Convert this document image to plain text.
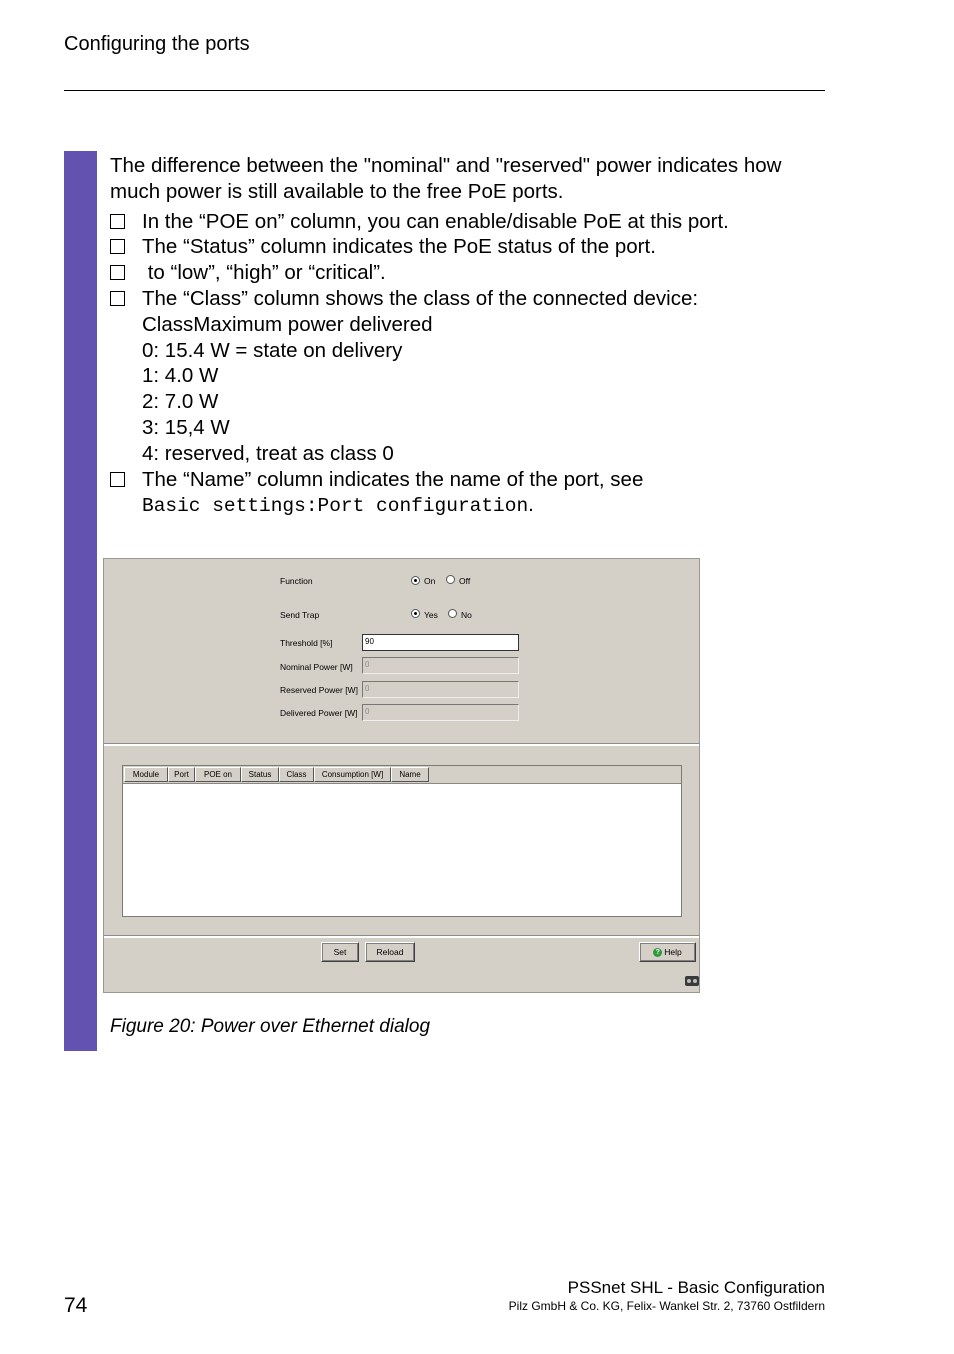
Configuring the ports
The difference between the "nominal" and "reserved" power indicates how much power is still available to the free PoE ports.
In the “POE on” column, you can enable/disable PoE at this port.
The “Status” column indicates the PoE status of the port.
to “low”, “high” or “critical”.
The “Class” column shows the class of the connected device:
ClassMaximum power delivered
0: 15.4 W = state on delivery
1: 4.0 W
2: 7.0 W
3: 15,4 W
4: reserved, treat as class 0
The “Name” column indicates the name of the port, see
Basic settings:Port configuration.
Function	On	Off
Send Trap	Yes	No
Threshold [%]	90
Nominal Power [W]	0
Reserved Power [W] 0
Delivered Power [W] 0
Module	Port	POE on	Status	Class	Consumption [W]	Name
Set	Reload	? Help
Figure 20: Power over Ethernet dialog
74
PSSnet SHL - Basic Configuration
Pilz GmbH & Co. KG, Felix- Wankel Str. 2, 73760 Ostfildern
